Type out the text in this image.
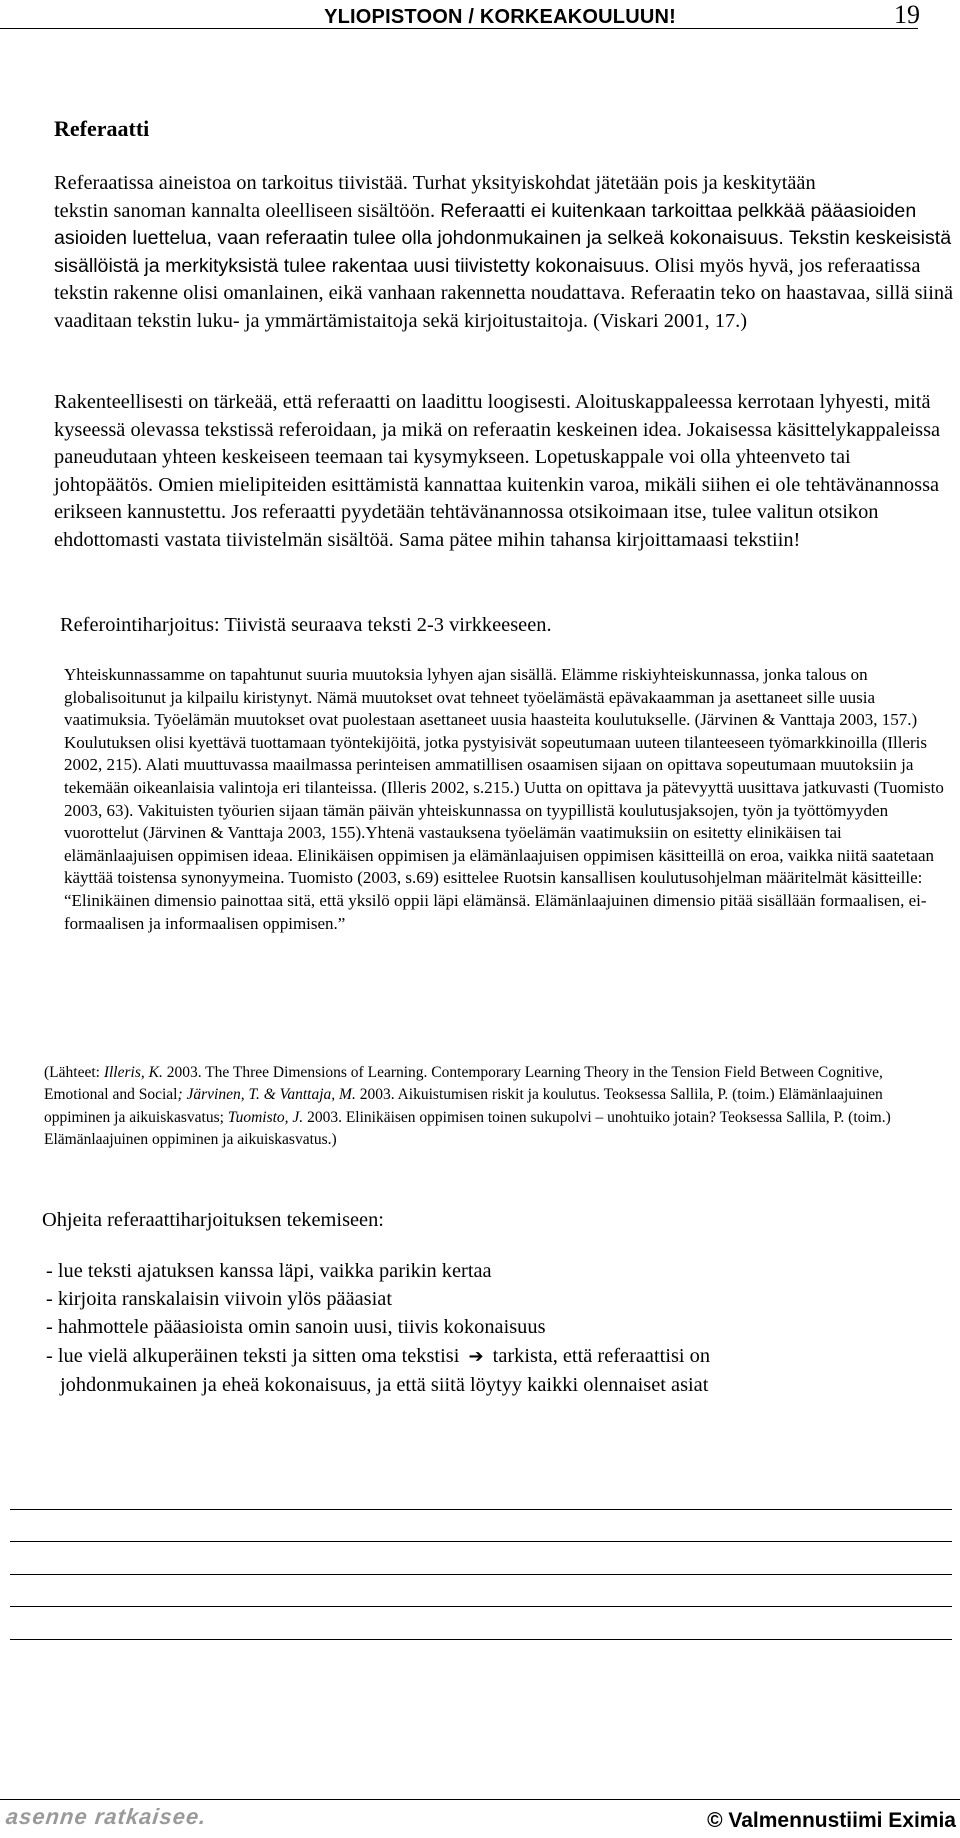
YLIOPISTOON / KORKEAKOULUUN!	19
Referaatti

Referaatissa aineistoa on tarkoitus tiivistää. Turhat yksityiskohdat jätetään pois ja keskitytään
tekstin sanoman kannalta oleelliseen sisältöön. Referaatti ei kuitenkaan tarkoittaa pelkkää pääasioiden asioiden luettelua, vaan referaatin tulee olla johdonmukainen ja selkeä kokonaisuus. Tekstin keskeisistä sisällöistä ja merkityksistä tulee rakentaa uusi tiivistetty kokonaisuus. Olisi myös hyvä, jos referaatissa tekstin rakenne olisi omanlainen, eikä vanhaan rakennetta noudattava. Referaatin teko on haastavaa, sillä siinä vaaditaan tekstin luku- ja ymmärtämistaitoja sekä kirjoitustaitoja. (Viskari 2001, 17.)

Rakenteellisesti on tärkeää, että referaatti on laadittu loogisesti. Aloituskappaleessa kerrotaan lyhyesti, mitä kyseessä olevassa tekstissä referoidaan, ja mikä on referaatin keskeinen idea. Jokaisessa käsittelykappaleissa paneudutaan yhteen keskeiseen teemaan tai kysymykseen. Lopetuskappale voi olla yhteenveto tai johtopäätös. Omien mielipiteiden esittämistä kannattaa kuitenkin varoa, mikäli siihen ei ole tehtävänannossa erikseen kannustettu. Jos referaatti pyydetään tehtävänannossa otsikoimaan itse, tulee valitun otsikon ehdottomasti vastata tiivistelmän sisältöä. Sama pätee mihin tahansa kirjoittamaasi tekstiin!

Referointiharjoitus: Tiivistä seuraava teksti 2-3 virkkeeseen.

Yhteiskunnassamme on tapahtunut suuria muutoksia lyhyen ajan sisällä. Elämme riskiyhteiskunnassa, jonka talous on globalisoitunut ja kilpailu kiristynyt. Nämä muutokset ovat tehneet työelämästä epävakaamman ja asettaneet sille uusia vaatimuksia. Työelämän muutokset ovat puolestaan asettaneet uusia haasteita koulutukselle. (Järvinen & Vanttaja 2003, 157.) Koulutuksen olisi kyettävä tuottamaan työntekijöitä, jotka pystyisivät sopeutumaan uuteen tilanteeseen työmarkkinoilla (Illeris 2002, 215). Alati muuttuvassa maailmassa perinteisen ammatillisen osaamisen sijaan on opittava sopeutumaan muutoksiin ja tekemään oikeanlaisia valintoja eri tilanteissa. (Illeris 2002, s.215.) Uutta on opittava ja pätevyyttä uusittava jatkuvasti (Tuomisto 2003, 63). Vakituisten työurien sijaan tämän päivän yhteiskunnassa on tyypillistä koulutusjaksojen, työn ja työttömyyden vuorottelut (Järvinen & Vanttaja 2003, 155).Yhtenä vastauksena työelämän vaatimuksiin on esitetty elinikäisen tai elämänlaajuisen oppimisen ideaa. Elinikäisen oppimisen ja elämänlaajuisen oppimisen käsitteillä on eroa, vaikka niitä saatetaan käyttää toistensa synonyymeina. Tuomisto (2003, s.69) esittelee Ruotsin kansallisen koulutusohjelman määritelmät käsitteille: “Elinikäinen dimensio painottaa sitä, että yksilö oppii läpi elämänsä. Elämänlaajuinen dimensio pitää sisällään formaalisen, ei-formaalisen ja informaalisen oppimisen.”

(Lähteet: Illeris, K. 2003. The Three Dimensions of Learning. Contemporary Learning Theory in the Tension Field Between Cognitive, Emotional and Social; Järvinen, T. & Vanttaja, M. 2003. Aikuistumisen riskit ja koulutus. Teoksessa Sallila, P. (toim.) Elämänlaajuinen oppiminen ja aikuiskasvatus; Tuomisto, J. 2003. Elinikäisen oppimisen toinen sukupolvi – unohtuiko jotain? Teoksessa Sallila, P. (toim.) Elämänlaajuinen oppiminen ja aikuiskasvatus.)

Ohjeita referaattiharjoituksen tekemiseen:

- lue teksti ajatuksen kanssa läpi, vaikka parikin kertaa
- kirjoita ranskalaisin viivoin ylös pääasiat
- hahmottele pääasioista omin sanoin uusi, tiivis kokonaisuus
- lue vielä alkuperäinen teksti ja sitten oma tekstisi ➔ tarkista, että referaattisi on
johdonmukainen ja eheä kokonaisuus, ja että siitä löytyy kaikki olennaiset asiat
asenne ratkaisee.	© Valmennustiimi Eximia
